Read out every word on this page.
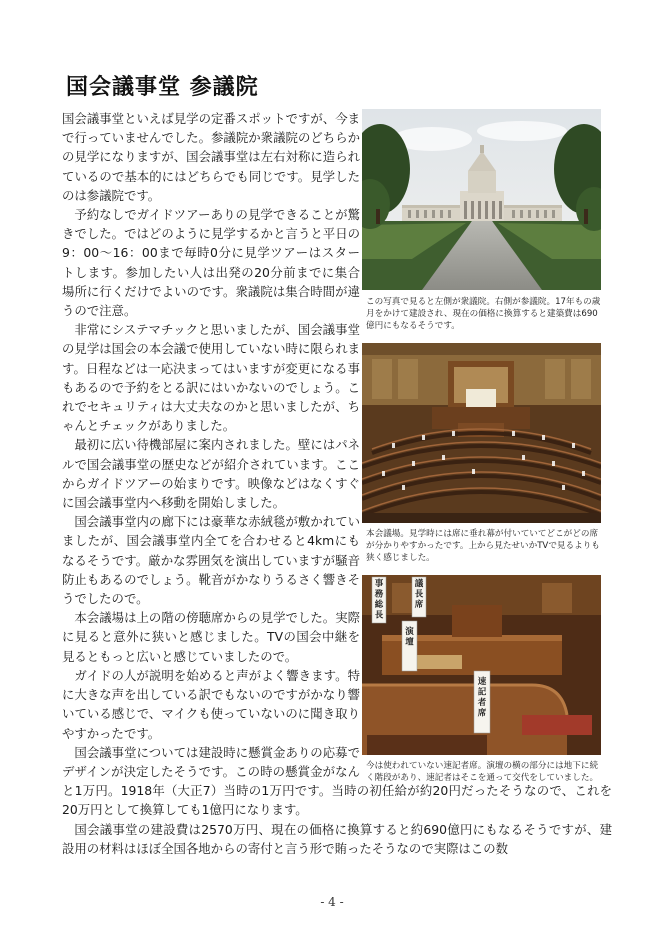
国会議事堂 参議院

この写真で見ると左側が衆議院。右側が参議院。17年もの歳月をかけて建設され、現在の価格に換算すると建築費は690億円にもなるそうです。

本会議場。見学時には席に垂れ幕が付いていてどこがどの席が分かりやすかったです。上から見たせいかTVで見るよりも狭く感じました。

事務総長
議長席
演壇
速記者席

今は使われていない速記者席。演壇の横の部分には地下に続く階段があり、速記者はそこを通って交代をしていました。

国会議事堂といえば見学の定番スポットですが、今まで行っていませんでした。参議院か衆議院のどちらかの見学になりますが、国会議事堂は左右対称に造られているので基本的にはどちらでも同じです。見学したのは参議院です。

予約なしでガイドツアーありの見学できることが驚きでした。ではどのように見学するかと言うと平日の9：00～16：00まで毎時0分に見学ツアーはスタートします。参加したい人は出発の20分前までに集合場所に行くだけでよいのです。衆議院は集合時間が違うので注意。

非常にシステマチックと思いましたが、国会議事堂の見学は国会の本会議で使用していない時に限られます。日程などは一応決まってはいますが変更になる事もあるので予約をとる訳にはいかないのでしょう。これでセキュリティは大丈夫なのかと思いましたが、ちゃんとチェックがありました。

最初に広い待機部屋に案内されました。壁にはパネルで国会議事堂の歴史などが紹介されています。ここからガイドツアーの始まりです。映像などはなくすぐに国会議事堂内へ移動を開始しました。

国会議事堂内の廊下には豪華な赤絨毯が敷かれていましたが、国会議事堂内全てを合わせると4kmにもなるそうです。厳かな雰囲気を演出していますが騒音防止もあるのでしょう。靴音がかなりうるさく響きそうでしたので。

本会議場は上の階の傍聴席からの見学でした。実際に見ると意外に狭いと感じました。TVの国会中継を見るともっと広いと感じていましたので。

ガイドの人が説明を始めると声がよく響きます。特に大きな声を出している訳でもないのですがかなり響いている感じで、マイクも使っていないのに聞き取りやすかったです。

国会議事堂については建設時に懸賞金ありの応募でデザインが決定したそうです。この時の懸賞金がなんと1万円。1918年（大正7）当時の1万円です。当時の初任給が約20円だったそうなので、これを20万円として換算しても1億円になります。

国会議事堂の建設費は2570万円、現在の価格に換算すると約690億円にもなるそうですが、建設用の材料はほぼ全国各地からの寄付と言う形で賄ったそうなので実際はこの数

- 4 -
